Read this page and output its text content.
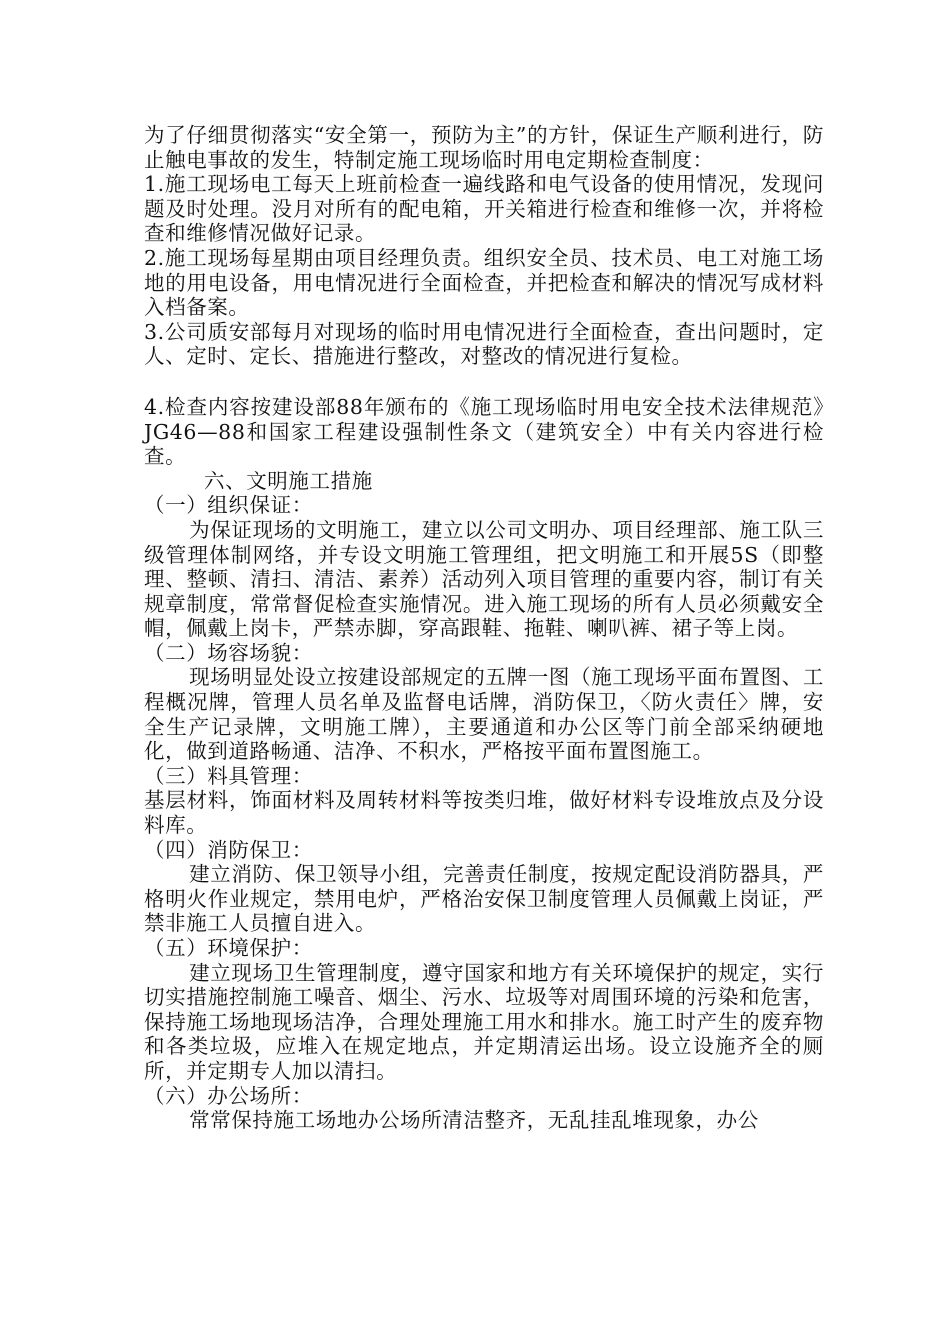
为了仔细贯彻落实“安全第一，预防为主”的方针，保证生产顺利进行，防止触电事故的发生，特制定施工现场临时用电定期检查制度：

1.施工现场电工每天上班前检查一遍线路和电气设备的使用情况，发现问题及时处理。没月对所有的配电箱，开关箱进行检查和维修一次，并将检查和维修情况做好记录。

2.施工现场每星期由项目经理负责。组织安全员、技术员、电工对施工场地的用电设备，用电情况进行全面检查，并把检查和解决的情况写成材料入档备案。

3.公司质安部每月对现场的临时用电情况进行全面检查，查出问题时，定人、定时、定长、措施进行整改，对整改的情况进行复检。

4.检查内容按建设部88年颁布的《施工现场临时用电安全技术法律规范》JG46—88和国家工程建设强制性条文（建筑安全）中有关内容进行检查。

六、文明施工措施

（一）组织保证：

为保证现场的文明施工，建立以公司文明办、项目经理部、施工队三级管理体制网络，并专设文明施工管理组，把文明施工和开展5S（即整理、整顿、清扫、清洁、素养）活动列入项目管理的重要内容，制订有关规章制度，常常督促检查实施情况。进入施工现场的所有人员必须戴安全帽，佩戴上岗卡，严禁赤脚，穿高跟鞋、拖鞋、喇叭裤、裙子等上岗。

（二）场容场貌：

现场明显处设立按建设部规定的五牌一图（施工现场平面布置图、工程概况牌，管理人员名单及监督电话牌，消防保卫，〈防火责任〉牌，安全生产记录牌，文明施工牌），主要通道和办公区等门前全部采纳硬地化，做到道路畅通、洁净、不积水，严格按平面布置图施工。

（三）料具管理：

基层材料，饰面材料及周转材料等按类归堆，做好材料专设堆放点及分设料库。

（四）消防保卫：

建立消防、保卫领导小组，完善责任制度，按规定配设消防器具，严格明火作业规定，禁用电炉，严格治安保卫制度管理人员佩戴上岗证，严禁非施工人员擅自进入。

（五）环境保护：

建立现场卫生管理制度，遵守国家和地方有关环境保护的规定，实行切实措施控制施工噪音、烟尘、污水、垃圾等对周围环境的污染和危害，保持施工场地现场洁净，合理处理施工用水和排水。施工时产生的废弃物和各类垃圾，应堆入在规定地点，并定期清运出场。设立设施齐全的厕所，并定期专人加以清扫。

（六）办公场所：

常常保持施工场地办公场所清洁整齐，无乱挂乱堆现象，办公
